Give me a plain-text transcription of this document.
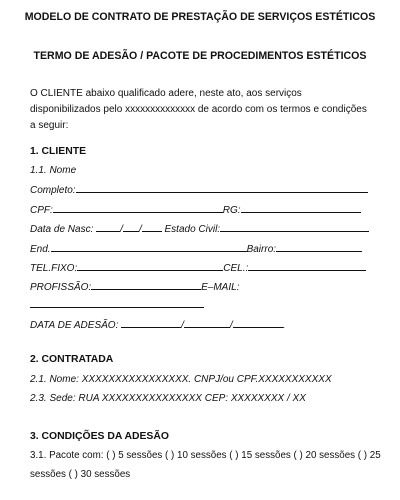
MODELO DE CONTRATO DE PRESTAÇÃO DE SERVIÇOS ESTÉTICOS
TERMO DE ADESÃO / PACOTE DE PROCEDIMENTOS ESTÉTICOS
O CLIENTE abaixo qualificado adere, neste ato, aos serviços disponibilizados pelo xxxxxxxxxxxxxx de acordo com os termos e condições a seguir:
1. CLIENTE
1.1. Nome
Completo:
CPF:	RG:
Data de Nasc:	/ / Estado Civil:
End.	Bairro:
TEL.FIXO:	CEL.:
PROFISSÃO:	E–MAIL:
DATA DE ADESÃO:	/	/	.
2. CONTRATADA
2.1. Nome: XXXXXXXXXXXXXXXX. CNPJ/ou CPF.XXXXXXXXXXX
2.3. Sede: RUA XXXXXXXXXXXXXXX CEP: XXXXXXXX / XX
3. CONDIÇÕES DA ADESÃO
3.1. Pacote com: ( ) 5 sessões ( ) 10 sessões ( ) 15 sessões ( ) 20 sessões ( ) 25
sessões ( ) 30 sessões
